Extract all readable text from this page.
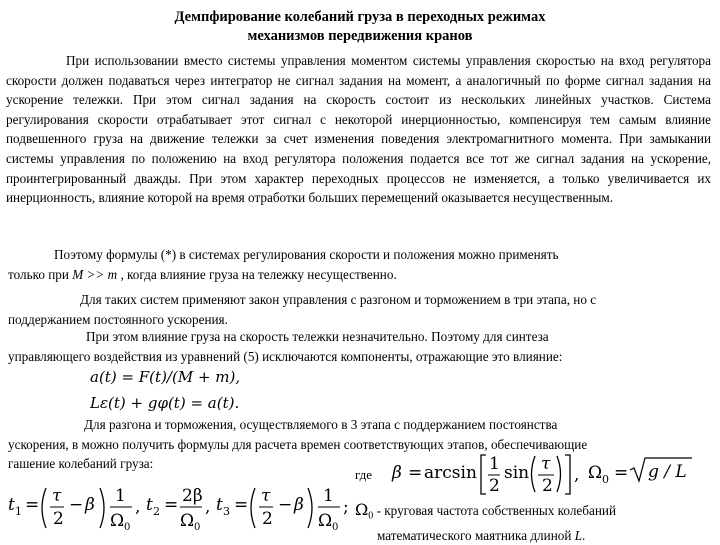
Демпфирование колебаний груза в переходных режимах
механизмов передвижения кранов
При использовании вместо системы управления моментом системы управления скоростью на вход регулятора скорости должен подаваться через интегратор не сигнал задания на момент, а аналогичный по форме сигнал задания на ускорение тележки. При этом сигнал задания на скорость состоит из нескольких линейных участков. Система регулирования скорости отрабатывает этот сигнал с некоторой инерционностью, компенсируя тем самым влияние подвешенного груза на движение тележки за счет изменения поведения электромагнитного момента. При замыкании системы управления по положению на вход регулятора положения подается все тот же сигнал задания на ускорение, проинтегрированный дважды. При этом характер переходных процессов не изменяется, а только увеличивается их инерционность, влияние которой на время отработки больших перемещений оказывается несущественным.
Поэтому формулы (*) в системах регулирования скорости и положения можно применять
только при M >> m , когда влияние груза на тележку несущественно.
Для таких систем применяют закон управления с разгоном и торможением в три этапа, но с
поддержанием постоянного ускорения.
При этом влияние груза на скорость тележки незначительно. Поэтому для синтеза
управляющего воздействия из уравнений (5) исключаются компоненты, отражающие это влияние:
a(t) = F(t)/(M + m),
Lε(t) + gφ(t) = a(t).
Для разгона и торможения, осуществляемого в 3 этапа с поддержанием постоянства
ускорения, в можно получить формулы для расчета времен соответствующих этапов, обеспечивающие
гашение колебаний груза:
где β = arcsin 1
2
sin τ
2
, Ω 0 = g / L
t 1 = τ
2
− β 1
Ω 0
, t 2 = 2β
Ω 0
, t 3 = τ
2
− β 1
Ω 0
; $\Omega_0$ - круговая частота собственных колебаний
математического маятника длиной L.
